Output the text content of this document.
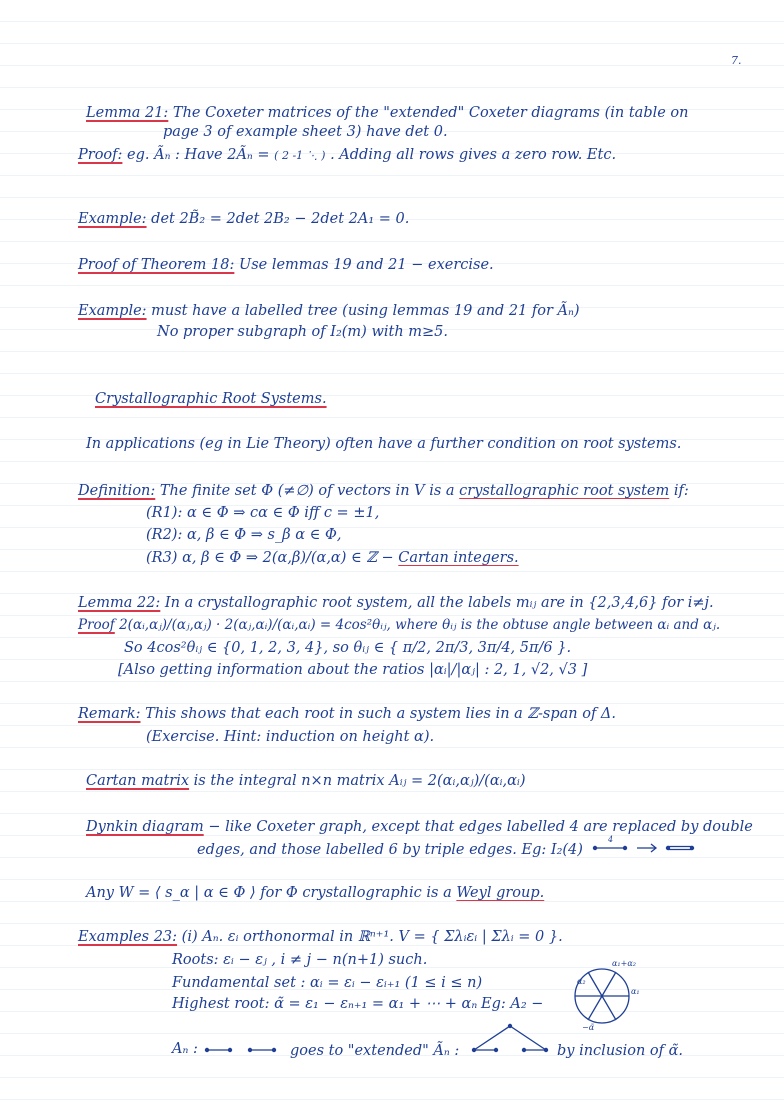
7.
Lemma 21: The Coxeter matrices of the "extended" Coxeter diagrams (in table on
page 3 of example sheet 3) have det 0.
Proof: eg. Ãₙ : Have 2Ãₙ = ( 2 -1 ⋱ ) . Adding all rows gives a zero row. Etc.
Example: det 2B̃₂ = 2det 2B₂ − 2det 2A₁ = 0.
Proof of Theorem 18: Use lemmas 19 and 21 − exercise.
Example: must have a labelled tree (using lemmas 19 and 21 for Ãₙ)
No proper subgraph of I₂(m) with m≥5.
Crystallographic Root Systems.
In applications (eg in Lie Theory) often have a further condition on root systems.
Definition: The finite set Φ (≠∅) of vectors in V is a crystallographic root system if:
(R1): α ∈ Φ ⇒ cα ∈ Φ iff c = ±1,
(R2): α, β ∈ Φ ⇒ s_β α ∈ Φ,
(R3) α, β ∈ Φ ⇒ 2(α,β)/(α,α) ∈ ℤ − Cartan integers.
Lemma 22: In a crystallographic root system, all the labels mᵢⱼ are in {2,3,4,6} for i≠j.
Proof 2(αᵢ,αⱼ)/(αⱼ,αⱼ) · 2(αⱼ,αᵢ)/(αᵢ,αᵢ) = 4cos²θᵢⱼ, where θᵢⱼ is the obtuse angle between αᵢ and αⱼ.
So 4cos²θᵢⱼ ∈ {0, 1, 2, 3, 4}, so θᵢⱼ ∈ { π/2, 2π/3, 3π/4, 5π/6 }.
[Also getting information about the ratios |αᵢ|/|αⱼ| : 2, 1, √2, √3 ]
Remark: This shows that each root in such a system lies in a ℤ-span of Δ.
(Exercise. Hint: induction on height α).
Cartan matrix is the integral n×n matrix Aᵢⱼ = 2(αᵢ,αⱼ)/(αᵢ,αᵢ)
Dynkin diagram − like Coxeter graph, except that edges labelled 4 are replaced by double
edges, and those labelled 6 by triple edges. Eg: I₂(4)
4
Any W = ⟨ s_α | α ∈ Φ ⟩ for Φ crystallographic is a Weyl group.
Examples 23: (i) Aₙ. εᵢ orthonormal in ℝⁿ⁺¹. V = { Σλᵢεᵢ | Σλᵢ = 0 }.
Roots: εᵢ − εⱼ , i ≠ j − n(n+1) such.
Fundamental set : αᵢ = εᵢ − εᵢ₊₁ (1 ≤ i ≤ n)
Highest root: α̃ = ε₁ − εₙ₊₁ = α₁ + ⋯ + αₙ Eg: A₂ −
α₁+α₂
α₁
α₂
−α̃
Aₙ :	goes to "extended" Ãₙ :	by inclusion of α̃.
